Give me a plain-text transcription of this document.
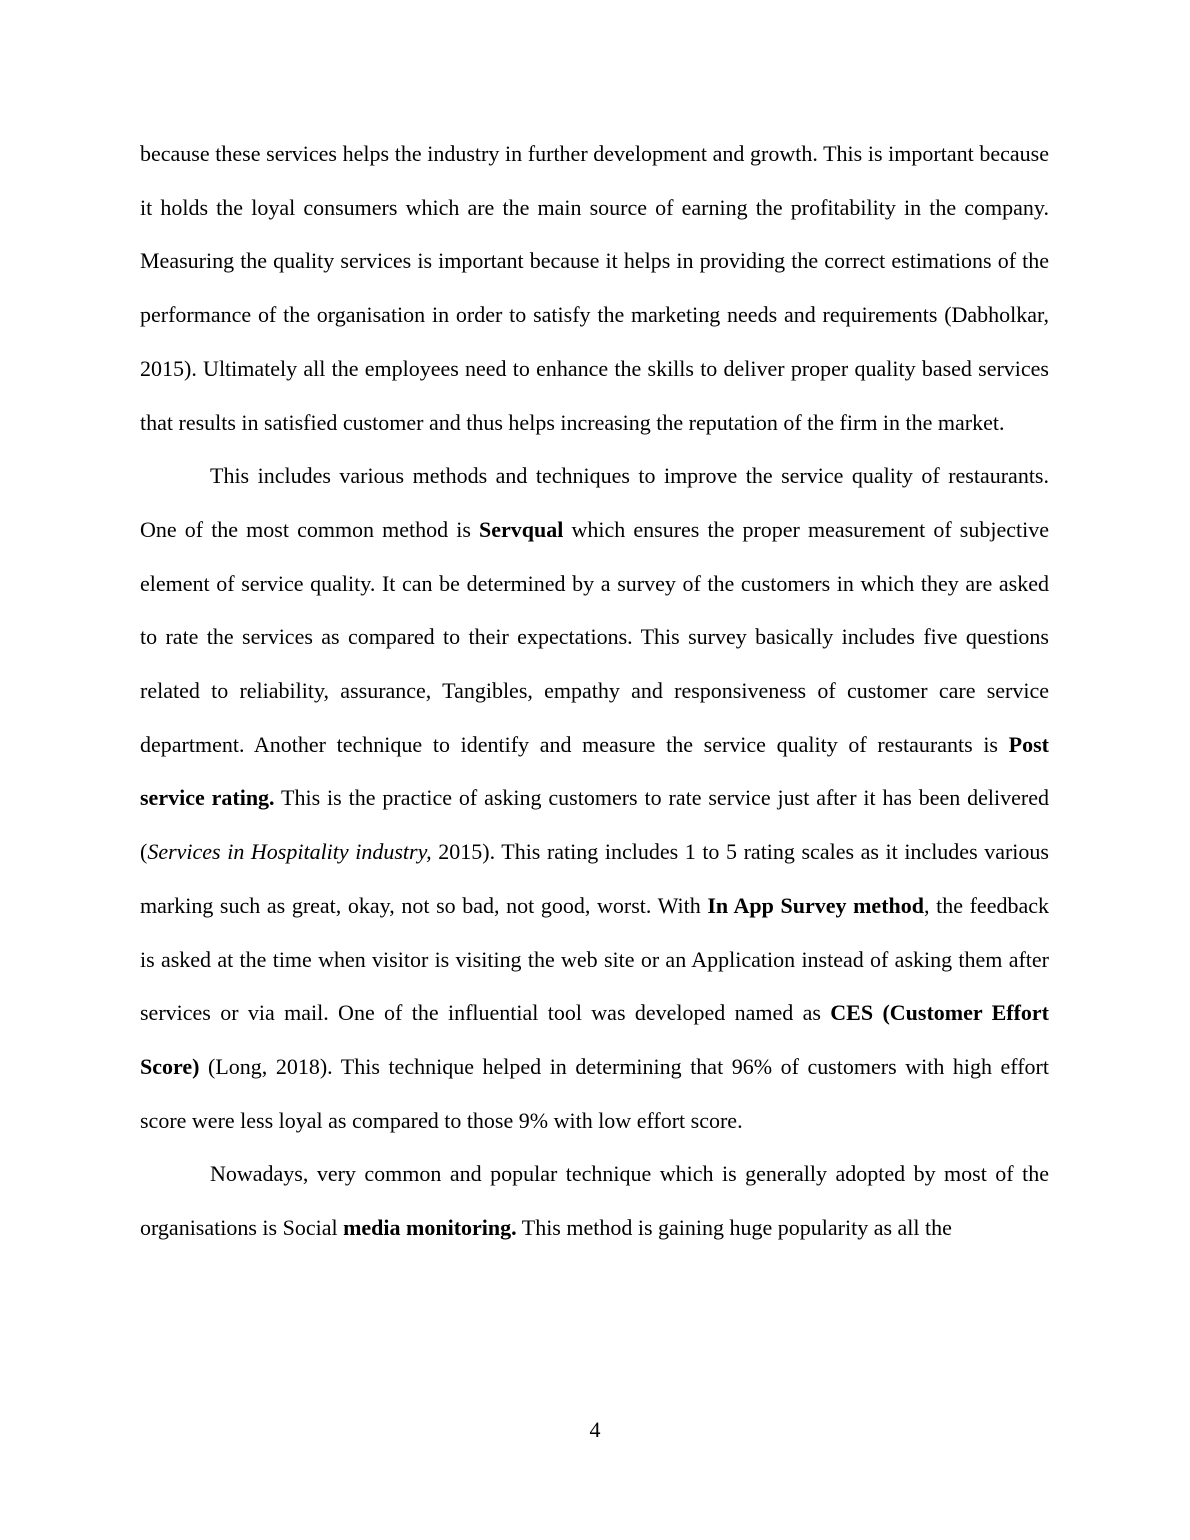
because these services helps the industry in further development and growth. This is important because it holds the loyal consumers which are the main source of earning the profitability in the company. Measuring the quality services is important because it helps in providing the correct estimations of the performance of the organisation in order to satisfy the marketing needs and requirements (Dabholkar, 2015). Ultimately all the employees need to enhance the skills to deliver proper quality based services that results in satisfied customer and thus helps increasing the reputation of the firm in the market.

This includes various methods and techniques to improve the service quality of restaurants. One of the most common method is Servqual which ensures the proper measurement of subjective element of service quality. It can be determined by a survey of the customers in which they are asked to rate the services as compared to their expectations. This survey basically includes five questions related to reliability, assurance, Tangibles, empathy and responsiveness of customer care service department. Another technique to identify and measure the service quality of restaurants is Post service rating. This is the practice of asking customers to rate service just after it has been delivered (Services in Hospitality industry, 2015). This rating includes 1 to 5 rating scales as it includes various marking such as great, okay, not so bad, not good, worst. With In App Survey method, the feedback is asked at the time when visitor is visiting the web site or an Application instead of asking them after services or via mail. One of the influential tool was developed named as CES (Customer Effort Score) (Long, 2018). This technique helped in determining that 96% of customers with high effort score were less loyal as compared to those 9% with low effort score.

Nowadays, very common and popular technique which is generally adopted by most of the organisations is Social media monitoring. This method is gaining huge popularity as all the

4
